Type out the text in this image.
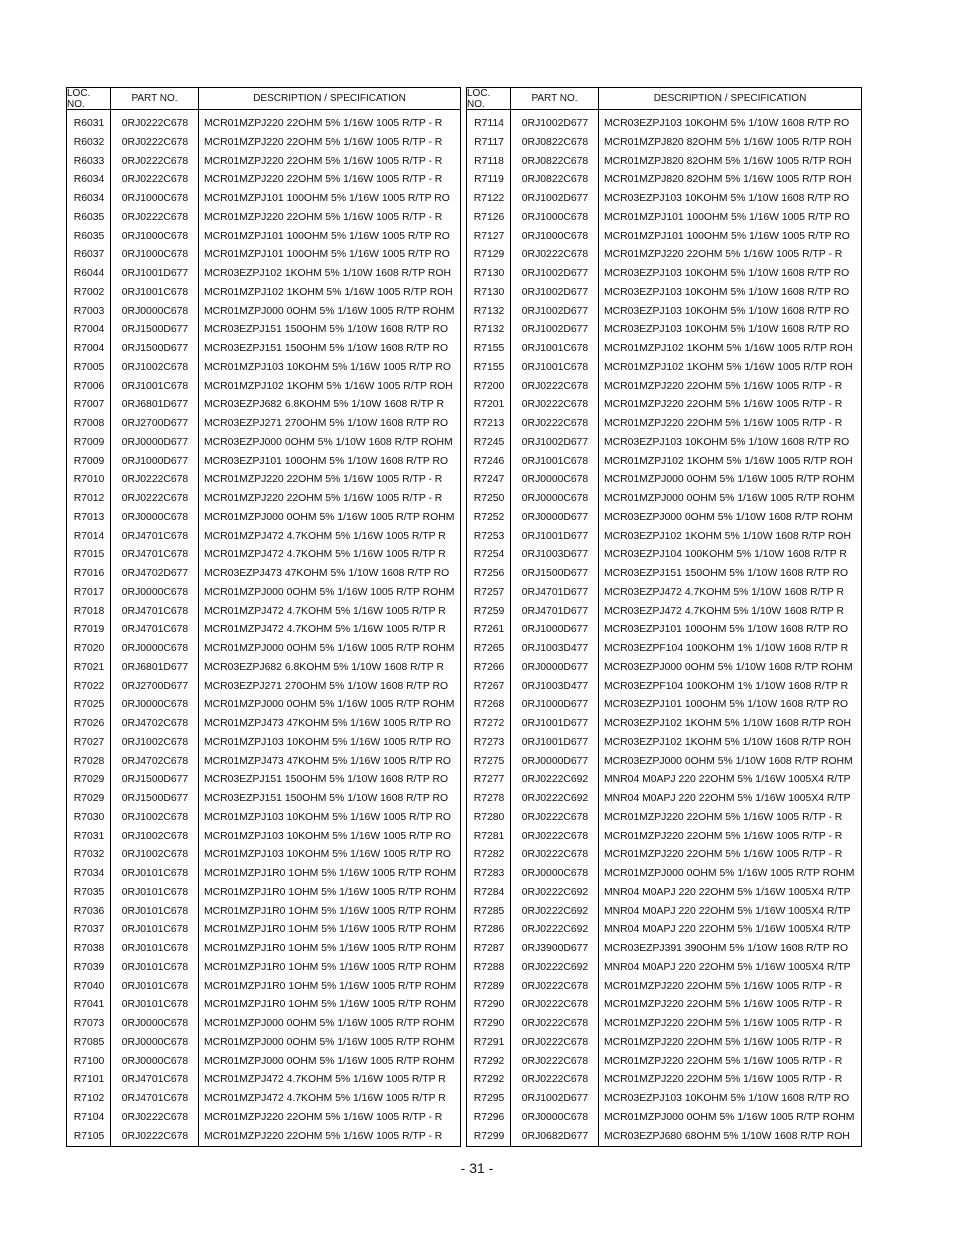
LOC. NO.	PART NO.	DESCRIPTION / SPECIFICATION
R6031	0RJ0222C678	MCR01MZPJ220 22OHM 5% 1/16W 1005 R/TP - R
R6032	0RJ0222C678	MCR01MZPJ220 22OHM 5% 1/16W 1005 R/TP - R
R6033	0RJ0222C678	MCR01MZPJ220 22OHM 5% 1/16W 1005 R/TP - R
R6034	0RJ0222C678	MCR01MZPJ220 22OHM 5% 1/16W 1005 R/TP - R
R6034	0RJ1000C678	MCR01MZPJ101 100OHM 5% 1/16W 1005 R/TP RO
R6035	0RJ0222C678	MCR01MZPJ220 22OHM 5% 1/16W 1005 R/TP - R
R6035	0RJ1000C678	MCR01MZPJ101 100OHM 5% 1/16W 1005 R/TP RO
R6037	0RJ1000C678	MCR01MZPJ101 100OHM 5% 1/16W 1005 R/TP RO
R6044	0RJ1001D677	MCR03EZPJ102 1KOHM 5% 1/10W 1608 R/TP ROH
R7002	0RJ1001C678	MCR01MZPJ102 1KOHM 5% 1/16W 1005 R/TP ROH
R7003	0RJ0000C678	MCR01MZPJ000 0OHM 5% 1/16W 1005 R/TP ROHM
R7004	0RJ1500D677	MCR03EZPJ151 150OHM 5% 1/10W 1608 R/TP RO
R7004	0RJ1500D677	MCR03EZPJ151 150OHM 5% 1/10W 1608 R/TP RO
R7005	0RJ1002C678	MCR01MZPJ103 10KOHM 5% 1/16W 1005 R/TP RO
R7006	0RJ1001C678	MCR01MZPJ102 1KOHM 5% 1/16W 1005 R/TP ROH
R7007	0RJ6801D677	MCR03EZPJ682 6.8KOHM 5% 1/10W 1608 R/TP R
R7008	0RJ2700D677	MCR03EZPJ271 270OHM 5% 1/10W 1608 R/TP RO
R7009	0RJ0000D677	MCR03EZPJ000 0OHM 5% 1/10W 1608 R/TP ROHM
R7009	0RJ1000D677	MCR03EZPJ101 100OHM 5% 1/10W 1608 R/TP RO
R7010	0RJ0222C678	MCR01MZPJ220 22OHM 5% 1/16W 1005 R/TP - R
R7012	0RJ0222C678	MCR01MZPJ220 22OHM 5% 1/16W 1005 R/TP - R
R7013	0RJ0000C678	MCR01MZPJ000 0OHM 5% 1/16W 1005 R/TP ROHM
R7014	0RJ4701C678	MCR01MZPJ472 4.7KOHM 5% 1/16W 1005 R/TP R
R7015	0RJ4701C678	MCR01MZPJ472 4.7KOHM 5% 1/16W 1005 R/TP R
R7016	0RJ4702D677	MCR03EZPJ473 47KOHM 5% 1/10W 1608 R/TP RO
R7017	0RJ0000C678	MCR01MZPJ000 0OHM 5% 1/16W 1005 R/TP ROHM
R7018	0RJ4701C678	MCR01MZPJ472 4.7KOHM 5% 1/16W 1005 R/TP R
R7019	0RJ4701C678	MCR01MZPJ472 4.7KOHM 5% 1/16W 1005 R/TP R
R7020	0RJ0000C678	MCR01MZPJ000 0OHM 5% 1/16W 1005 R/TP ROHM
R7021	0RJ6801D677	MCR03EZPJ682 6.8KOHM 5% 1/10W 1608 R/TP R
R7022	0RJ2700D677	MCR03EZPJ271 270OHM 5% 1/10W 1608 R/TP RO
R7025	0RJ0000C678	MCR01MZPJ000 0OHM 5% 1/16W 1005 R/TP ROHM
R7026	0RJ4702C678	MCR01MZPJ473 47KOHM 5% 1/16W 1005 R/TP RO
R7027	0RJ1002C678	MCR01MZPJ103 10KOHM 5% 1/16W 1005 R/TP RO
R7028	0RJ4702C678	MCR01MZPJ473 47KOHM 5% 1/16W 1005 R/TP RO
R7029	0RJ1500D677	MCR03EZPJ151 150OHM 5% 1/10W 1608 R/TP RO
R7029	0RJ1500D677	MCR03EZPJ151 150OHM 5% 1/10W 1608 R/TP RO
R7030	0RJ1002C678	MCR01MZPJ103 10KOHM 5% 1/16W 1005 R/TP RO
R7031	0RJ1002C678	MCR01MZPJ103 10KOHM 5% 1/16W 1005 R/TP RO
R7032	0RJ1002C678	MCR01MZPJ103 10KOHM 5% 1/16W 1005 R/TP RO
R7034	0RJ0101C678	MCR01MZPJ1R0 1OHM 5% 1/16W 1005 R/TP ROHM
R7035	0RJ0101C678	MCR01MZPJ1R0 1OHM 5% 1/16W 1005 R/TP ROHM
R7036	0RJ0101C678	MCR01MZPJ1R0 1OHM 5% 1/16W 1005 R/TP ROHM
R7037	0RJ0101C678	MCR01MZPJ1R0 1OHM 5% 1/16W 1005 R/TP ROHM
R7038	0RJ0101C678	MCR01MZPJ1R0 1OHM 5% 1/16W 1005 R/TP ROHM
R7039	0RJ0101C678	MCR01MZPJ1R0 1OHM 5% 1/16W 1005 R/TP ROHM
R7040	0RJ0101C678	MCR01MZPJ1R0 1OHM 5% 1/16W 1005 R/TP ROHM
R7041	0RJ0101C678	MCR01MZPJ1R0 1OHM 5% 1/16W 1005 R/TP ROHM
R7073	0RJ0000C678	MCR01MZPJ000 0OHM 5% 1/16W 1005 R/TP ROHM
R7085	0RJ0000C678	MCR01MZPJ000 0OHM 5% 1/16W 1005 R/TP ROHM
R7100	0RJ0000C678	MCR01MZPJ000 0OHM 5% 1/16W 1005 R/TP ROHM
R7101	0RJ4701C678	MCR01MZPJ472 4.7KOHM 5% 1/16W 1005 R/TP R
R7102	0RJ4701C678	MCR01MZPJ472 4.7KOHM 5% 1/16W 1005 R/TP R
R7104	0RJ0222C678	MCR01MZPJ220 22OHM 5% 1/16W 1005 R/TP - R
R7105	0RJ0222C678	MCR01MZPJ220 22OHM 5% 1/16W 1005 R/TP - R
LOC. NO.	PART NO.	DESCRIPTION / SPECIFICATION
R7114	0RJ1002D677	MCR03EZPJ103 10KOHM 5% 1/10W 1608 R/TP RO
R7117	0RJ0822C678	MCR01MZPJ820 82OHM 5% 1/16W 1005 R/TP ROH
R7118	0RJ0822C678	MCR01MZPJ820 82OHM 5% 1/16W 1005 R/TP ROH
R7119	0RJ0822C678	MCR01MZPJ820 82OHM 5% 1/16W 1005 R/TP ROH
R7122	0RJ1002D677	MCR03EZPJ103 10KOHM 5% 1/10W 1608 R/TP RO
R7126	0RJ1000C678	MCR01MZPJ101 100OHM 5% 1/16W 1005 R/TP RO
R7127	0RJ1000C678	MCR01MZPJ101 100OHM 5% 1/16W 1005 R/TP RO
R7129	0RJ0222C678	MCR01MZPJ220 22OHM 5% 1/16W 1005 R/TP - R
R7130	0RJ1002D677	MCR03EZPJ103 10KOHM 5% 1/10W 1608 R/TP RO
R7130	0RJ1002D677	MCR03EZPJ103 10KOHM 5% 1/10W 1608 R/TP RO
R7132	0RJ1002D677	MCR03EZPJ103 10KOHM 5% 1/10W 1608 R/TP RO
R7132	0RJ1002D677	MCR03EZPJ103 10KOHM 5% 1/10W 1608 R/TP RO
R7155	0RJ1001C678	MCR01MZPJ102 1KOHM 5% 1/16W 1005 R/TP ROH
R7155	0RJ1001C678	MCR01MZPJ102 1KOHM 5% 1/16W 1005 R/TP ROH
R7200	0RJ0222C678	MCR01MZPJ220 22OHM 5% 1/16W 1005 R/TP - R
R7201	0RJ0222C678	MCR01MZPJ220 22OHM 5% 1/16W 1005 R/TP - R
R7213	0RJ0222C678	MCR01MZPJ220 22OHM 5% 1/16W 1005 R/TP - R
R7245	0RJ1002D677	MCR03EZPJ103 10KOHM 5% 1/10W 1608 R/TP RO
R7246	0RJ1001C678	MCR01MZPJ102 1KOHM 5% 1/16W 1005 R/TP ROH
R7247	0RJ0000C678	MCR01MZPJ000 0OHM 5% 1/16W 1005 R/TP ROHM
R7250	0RJ0000C678	MCR01MZPJ000 0OHM 5% 1/16W 1005 R/TP ROHM
R7252	0RJ0000D677	MCR03EZPJ000 0OHM 5% 1/10W 1608 R/TP ROHM
R7253	0RJ1001D677	MCR03EZPJ102 1KOHM 5% 1/10W 1608 R/TP ROH
R7254	0RJ1003D677	MCR03EZPJ104 100KOHM 5% 1/10W 1608 R/TP R
R7256	0RJ1500D677	MCR03EZPJ151 150OHM 5% 1/10W 1608 R/TP RO
R7257	0RJ4701D677	MCR03EZPJ472 4.7KOHM 5% 1/10W 1608 R/TP R
R7259	0RJ4701D677	MCR03EZPJ472 4.7KOHM 5% 1/10W 1608 R/TP R
R7261	0RJ1000D677	MCR03EZPJ101 100OHM 5% 1/10W 1608 R/TP RO
R7265	0RJ1003D477	MCR03EZPF104 100KOHM 1% 1/10W 1608 R/TP R
R7266	0RJ0000D677	MCR03EZPJ000 0OHM 5% 1/10W 1608 R/TP ROHM
R7267	0RJ1003D477	MCR03EZPF104 100KOHM 1% 1/10W 1608 R/TP R
R7268	0RJ1000D677	MCR03EZPJ101 100OHM 5% 1/10W 1608 R/TP RO
R7272	0RJ1001D677	MCR03EZPJ102 1KOHM 5% 1/10W 1608 R/TP ROH
R7273	0RJ1001D677	MCR03EZPJ102 1KOHM 5% 1/10W 1608 R/TP ROH
R7275	0RJ0000D677	MCR03EZPJ000 0OHM 5% 1/10W 1608 R/TP ROHM
R7277	0RJ0222C692	MNR04 M0APJ 220 22OHM 5% 1/16W 1005X4 R/TP
R7278	0RJ0222C692	MNR04 M0APJ 220 22OHM 5% 1/16W 1005X4 R/TP
R7280	0RJ0222C678	MCR01MZPJ220 22OHM 5% 1/16W 1005 R/TP - R
R7281	0RJ0222C678	MCR01MZPJ220 22OHM 5% 1/16W 1005 R/TP - R
R7282	0RJ0222C678	MCR01MZPJ220 22OHM 5% 1/16W 1005 R/TP - R
R7283	0RJ0000C678	MCR01MZPJ000 0OHM 5% 1/16W 1005 R/TP ROHM
R7284	0RJ0222C692	MNR04 M0APJ 220 22OHM 5% 1/16W 1005X4 R/TP
R7285	0RJ0222C692	MNR04 M0APJ 220 22OHM 5% 1/16W 1005X4 R/TP
R7286	0RJ0222C692	MNR04 M0APJ 220 22OHM 5% 1/16W 1005X4 R/TP
R7287	0RJ3900D677	MCR03EZPJ391 390OHM 5% 1/10W 1608 R/TP RO
R7288	0RJ0222C692	MNR04 M0APJ 220 22OHM 5% 1/16W 1005X4 R/TP
R7289	0RJ0222C678	MCR01MZPJ220 22OHM 5% 1/16W 1005 R/TP - R
R7290	0RJ0222C678	MCR01MZPJ220 22OHM 5% 1/16W 1005 R/TP - R
R7290	0RJ0222C678	MCR01MZPJ220 22OHM 5% 1/16W 1005 R/TP - R
R7291	0RJ0222C678	MCR01MZPJ220 22OHM 5% 1/16W 1005 R/TP - R
R7292	0RJ0222C678	MCR01MZPJ220 22OHM 5% 1/16W 1005 R/TP - R
R7292	0RJ0222C678	MCR01MZPJ220 22OHM 5% 1/16W 1005 R/TP - R
R7295	0RJ1002D677	MCR03EZPJ103 10KOHM 5% 1/10W 1608 R/TP RO
R7296	0RJ0000C678	MCR01MZPJ000 0OHM 5% 1/16W 1005 R/TP ROHM
R7299	0RJ0682D677	MCR03EZPJ680 68OHM 5% 1/10W 1608 R/TP ROH
- 31 -
